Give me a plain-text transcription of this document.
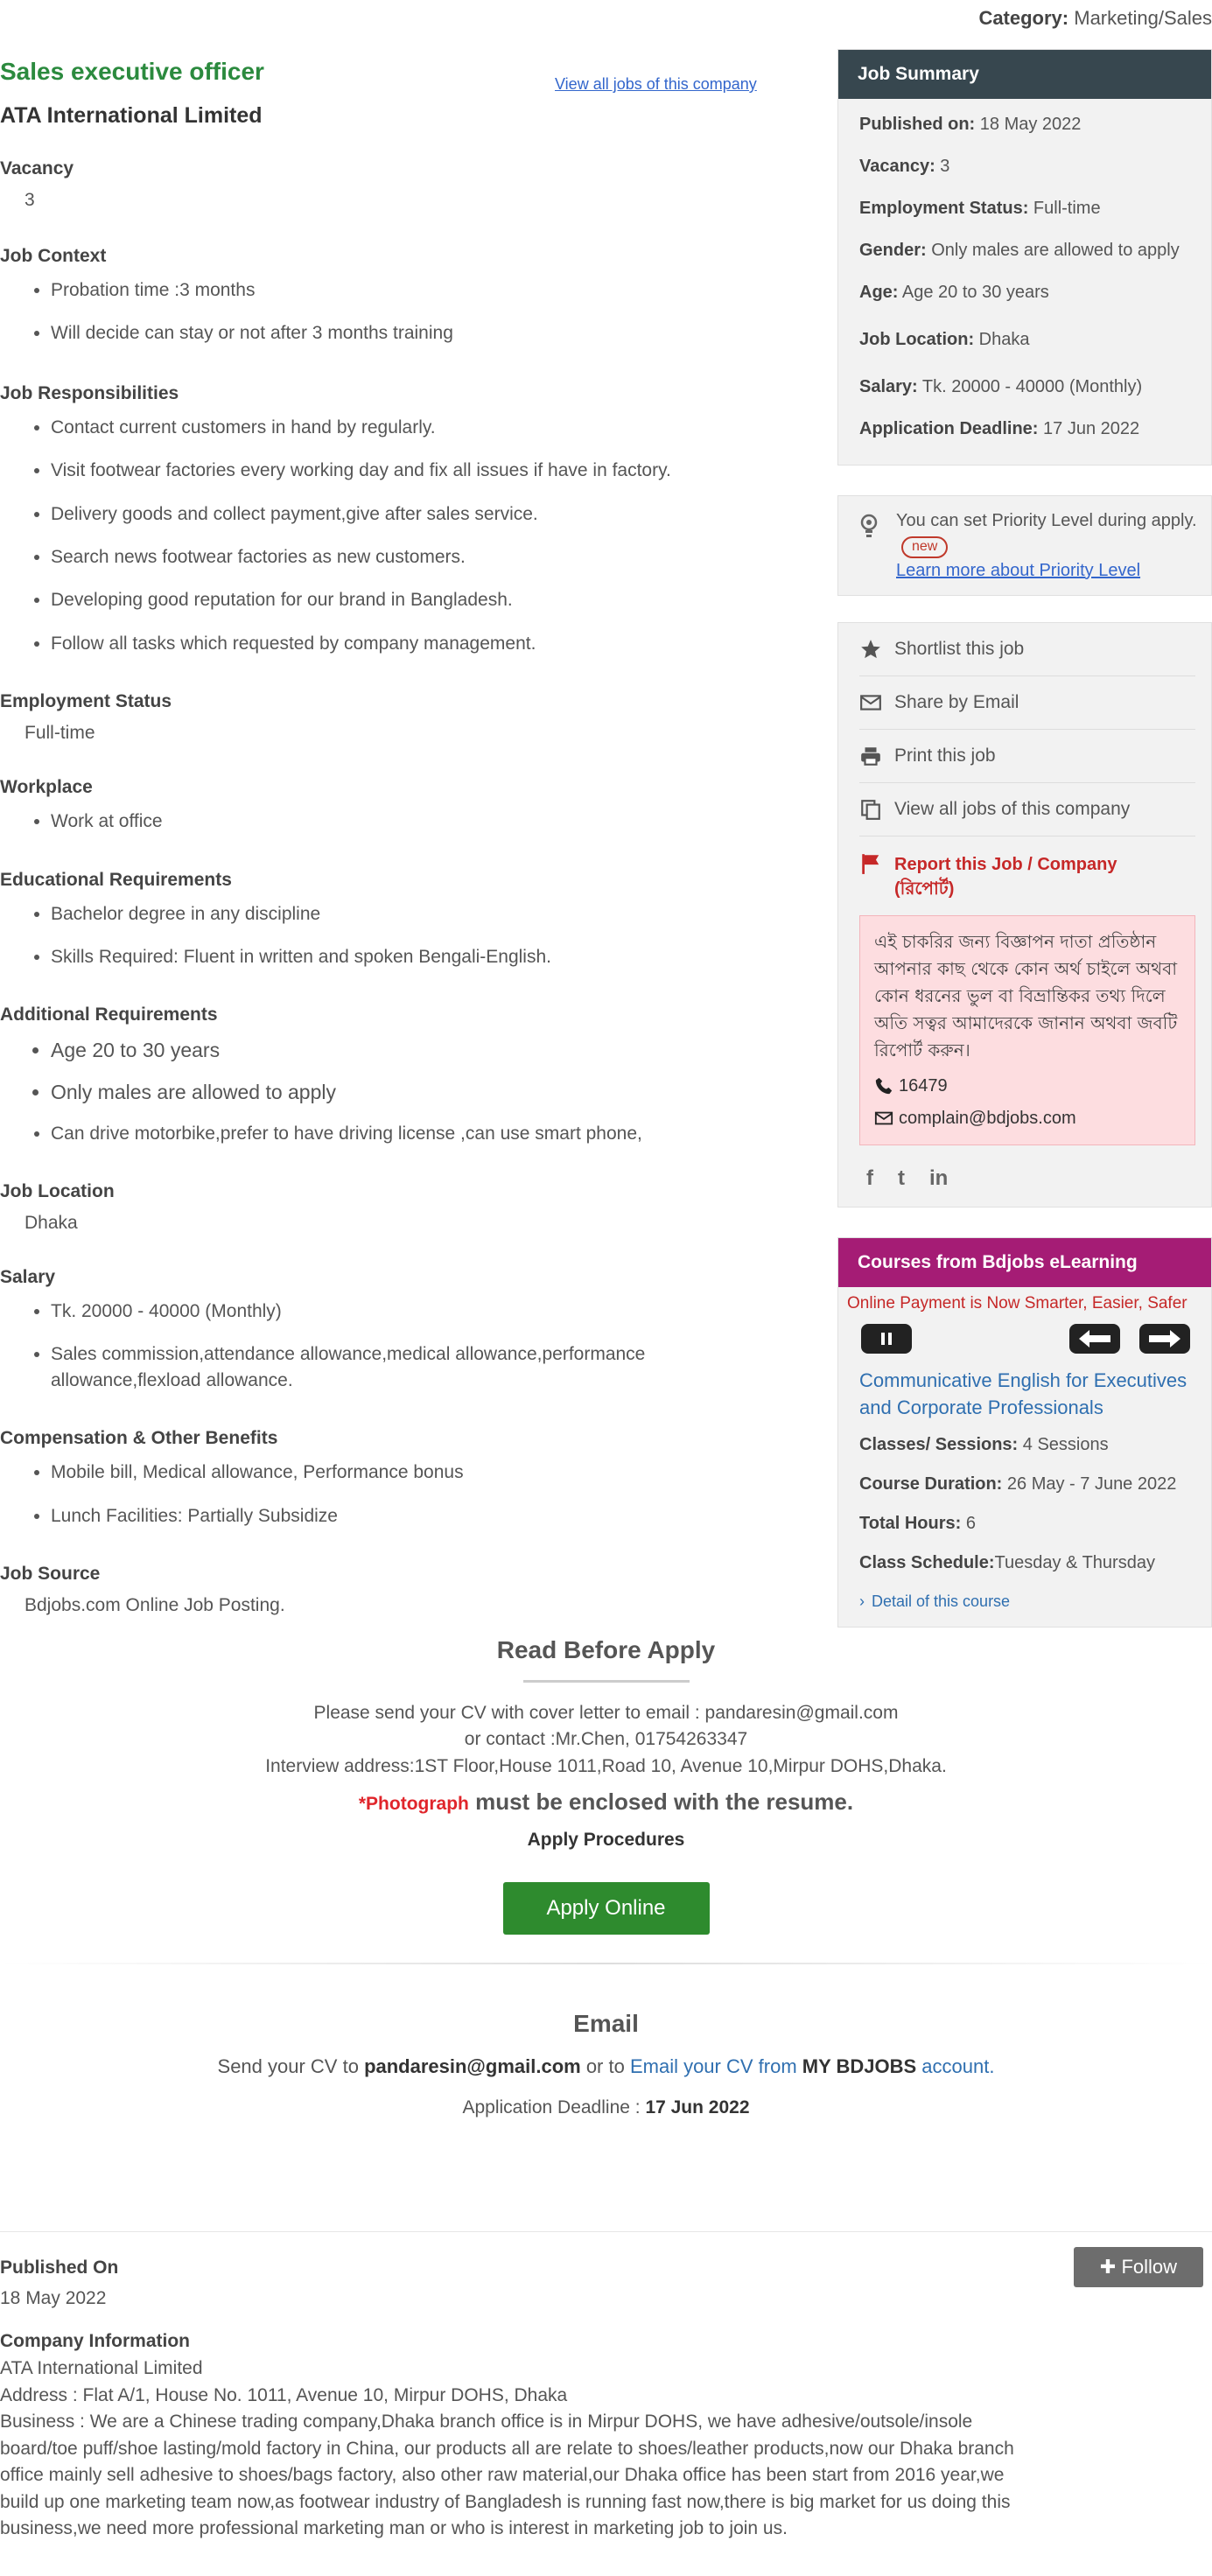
Category: Marketing/Sales
Sales executive officer
ATA International Limited
Vacancy
3
Job Context
• Probation time :3 months
• Will decide can stay or not after 3 months training
Job Responsibilities
• Contact current customers in hand by regularly.
• Visit footwear factories every working day and fix all issues if have in factory.
• Delivery goods and collect payment,give after sales service.
• Search news footwear factories as new customers.
• Developing good reputation for our brand in Bangladesh.
• Follow all tasks which requested by company management.
Employment Status
Full-time
Workplace
• Work at office
Educational Requirements
• Bachelor degree in any discipline
• Skills Required: Fluent in written and spoken Bengali-English.
Additional Requirements
• Age 20 to 30 years
• Only males are allowed to apply
• Can drive motorbike,prefer to have driving license ,can use smart phone,
Job Location
Dhaka
Salary
• Tk. 20000 - 40000 (Monthly)
• Sales commission,attendance allowance,medical allowance,performance allowance,flexload allowance.
Compensation & Other Benefits
• Mobile bill, Medical allowance, Performance bonus
• Lunch Facilities: Partially Subsidize
Job Source
Bdjobs.com Online Job Posting.
View all jobs of this company	Job Summary
Published on: 18 May 2022
Vacancy: 3
Employment Status: Full-time
Gender: Only males are allowed to apply
Age: Age 20 to 30 years
Job Location: Dhaka
Salary: Tk. 20000 - 40000 (Monthly)
Application Deadline: 17 Jun 2022
You can set Priority Level during apply. new
Learn more about Priority Level
Shortlist this job
Share by Email
Print this job
View all jobs of this company
Report this Job / Company (রিপোর্ট)
এই চাকরির জন্য বিজ্ঞাপন দাতা প্রতিষ্ঠান আপনার কাছ থেকে কোন অর্থ চাইলে অথবা কোন ধরনের ভুল বা বিভ্রান্তিকর তথ্য দিলে অতি সত্বর আমাদেরকে জানান অথবা জবটি রিপোর্ট করুন।
16479
complain@bdjobs.com
f t in
Courses from Bdjobs eLearning
Online Payment is Now Smarter, Easier, Safer
Communicative English for Executives and Corporate Professionals
Classes/ Sessions: 4 Sessions
Course Duration: 26 May - 7 June 2022
Total Hours: 6
Class Schedule:Tuesday & Thursday
› Detail of this course
Read Before Apply
Please send your CV with cover letter to email : pandaresin@gmail.com
or contact :Mr.Chen, 01754263347
Interview address:1ST Floor,House 1011,Road 10, Avenue 10,Mirpur DOHS,Dhaka.
*Photograph must be enclosed with the resume.
Apply Procedures
Apply Online
Email
Send your CV to pandaresin@gmail.com or to Email your CV from MY BDJOBS account.
Application Deadline : 17 Jun 2022
✚ Follow
Published On
18 May 2022
Company Information
ATA International Limited
Address : Flat A/1, House No. 1011, Avenue 10, Mirpur DOHS, Dhaka
Business : We are a Chinese trading company,Dhaka branch office is in Mirpur DOHS, we have adhesive/outsole/insole board/toe puff/shoe lasting/mold factory in China, our products all are relate to shoes/leather products,now our Dhaka branch office mainly sell adhesive to shoes/bags factory, also other raw material,our Dhaka office has been start from 2016 year,we build up one marketing team now,as footwear industry of Bangladesh is running fast now,there is big market for us doing this business,we need more professional marketing man or who is interest in marketing job to join us.
